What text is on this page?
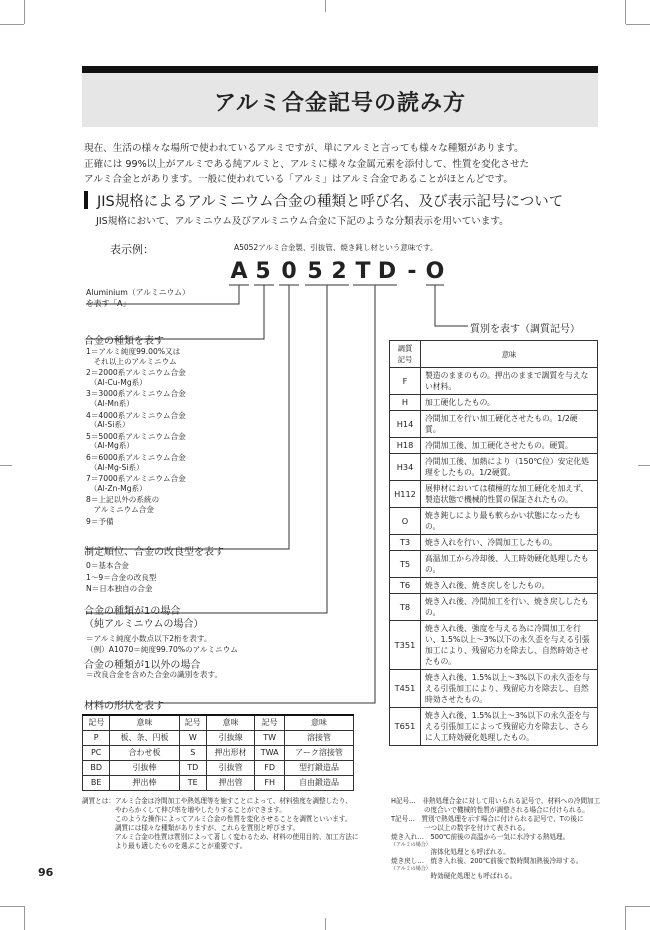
アルミ合金記号の読み方
現在、生活の様々な場所で使われているアルミですが、単にアルミと言っても様々な種類があります。
正確には 99%以上がアルミである純アルミと、アルミに様々な金属元素を添付して、性質を変化させた
アルミ合金とがあります。一般に使われている「アルミ」はアルミ合金であることがほとんどです。
JIS規格によるアルミニウム合金の種類と呼び名、及び表示記号について
JIS規格において、アルミニウム及びアルミニウム合金に下記のような分類表示を用いています。
表示例：	A5052アルミ合金製、引抜管、焼き鈍し材という意味です。
A 5 0 5 2 T D - O
Aluminium（アルミニウム）
を表す「A」
合金の種類を表す
1＝アルミ純度99.00%又は
　それ以上のアルミニウム
2＝2000系アルミニウム合金
　（Al-Cu-Mg系）
3＝3000系アルミニウム合金
　（Al-Mn系）
4＝4000系アルミニウム合金
　（Al-Si系）
5＝5000系アルミニウム合金
　（Al-Mg系）
6＝6000系アルミニウム合金
　（Al-Mg-Si系）
7＝7000系アルミニウム合金
　（Al-Zn-Mg系）
8＝上記以外の系統の
　アルミニウム合金
9＝予備
制定順位、合金の改良型を表す
0＝基本合金
1～9＝合金の改良型
N＝日本独自の合金
合金の種類が1の場合
（純アルミニウムの場合）
＝アルミ純度小数点以下2桁を表す。
（例）A1070＝純度99.70%のアルミニウム
合金の種類が1以外の場合
＝改良合金を含めた合金の識別を表す。
材料の形状を表す
記号	意味	記号	意味	記号	意味
P	板、条、円板	W	引抜線	TW	溶接管
PC	合わせ板	S	押出形材	TWA	アーク溶接管
BD	引抜棒	TD	引抜管	FD	型打鍛造品
BE	押出棒	TE	押出管	FH	自由鍛造品
質別を表す（調質記号）
調質
記号	意味
F	製造のままのもの。押出のままで調質を与えない材料。
H	加工硬化したもの。
H14	冷間加工を行い加工硬化させたもの。1/2硬質。
H18	冷間加工後、加工硬化させたもの。硬質。
H34	冷間加工後、加熱により（150℃位）安定化処理をしたもの。1/2硬質。
H112	展伸材においては積極的な加工硬化を加えず、製造状態で機械的性質の保証されたもの。
O	焼き鈍しにより最も軟らかい状態になったもの。
T3	焼き入れを行い、冷間加工したもの。
T5	高温加工から冷却後、人工時効硬化処理したもの。
T6	焼き入れ後、焼き戻しをしたもの。
T8	焼き入れ後、冷間加工を行い、焼き戻ししたもの。
T351	焼き入れ後、強度を与える為に冷間加工を行い、1.5%以上～3%以下の永久歪を与える引張加工により、残留応力を除去し、自然時効させたもの。
T451	焼き入れ後、1.5%以上～3%以下の永久歪を与える引張加工により、残留応力を除去し、自然時効させたもの。
T651	焼き入れ後、1.5%以上～3%以下の永久歪を与える引張加工によって残留応力を除去し、さらに人工時効硬化処理したもの。
調質とは：アルミ合金は冷間加工や熱処理等を施すことによって、材料強度を調整したり、
　　　　　やわらかくして伸び率を増やしたりすることができます。
　　　　　このような操作によってアルミ合金の性質を変化させることを調質といいます。
　　　　　調質には様々な種類がありますが、これらを質別と呼びます。
　　　　　アルミ合金の性質は質別によって著しく変わるため、材料の使用目的、加工方法に
　　　　　より最も適したものを選ぶことが重要です。
H記号…　非熱処理合金に対して用いられる記号で、材料への冷間加工
　　　　　の度合いで機械的性質が調整される場合に付けられる。
T記号…　質別で熱処理を示す場合に付けられる記号で、Tの後に
　　　　　一つ以上の数字を付けて表される。
焼き入れ…　500℃前後の高温から一気に水冷する熱処理。
（アルミの場合）
　　　　　　溶体化処理とも呼ばれる。
焼き戻し…　焼き入れ後、200℃前後で数時間加熱後冷却する。
（アルミの場合）
　　　　　　時効硬化処理とも呼ばれる。
96
